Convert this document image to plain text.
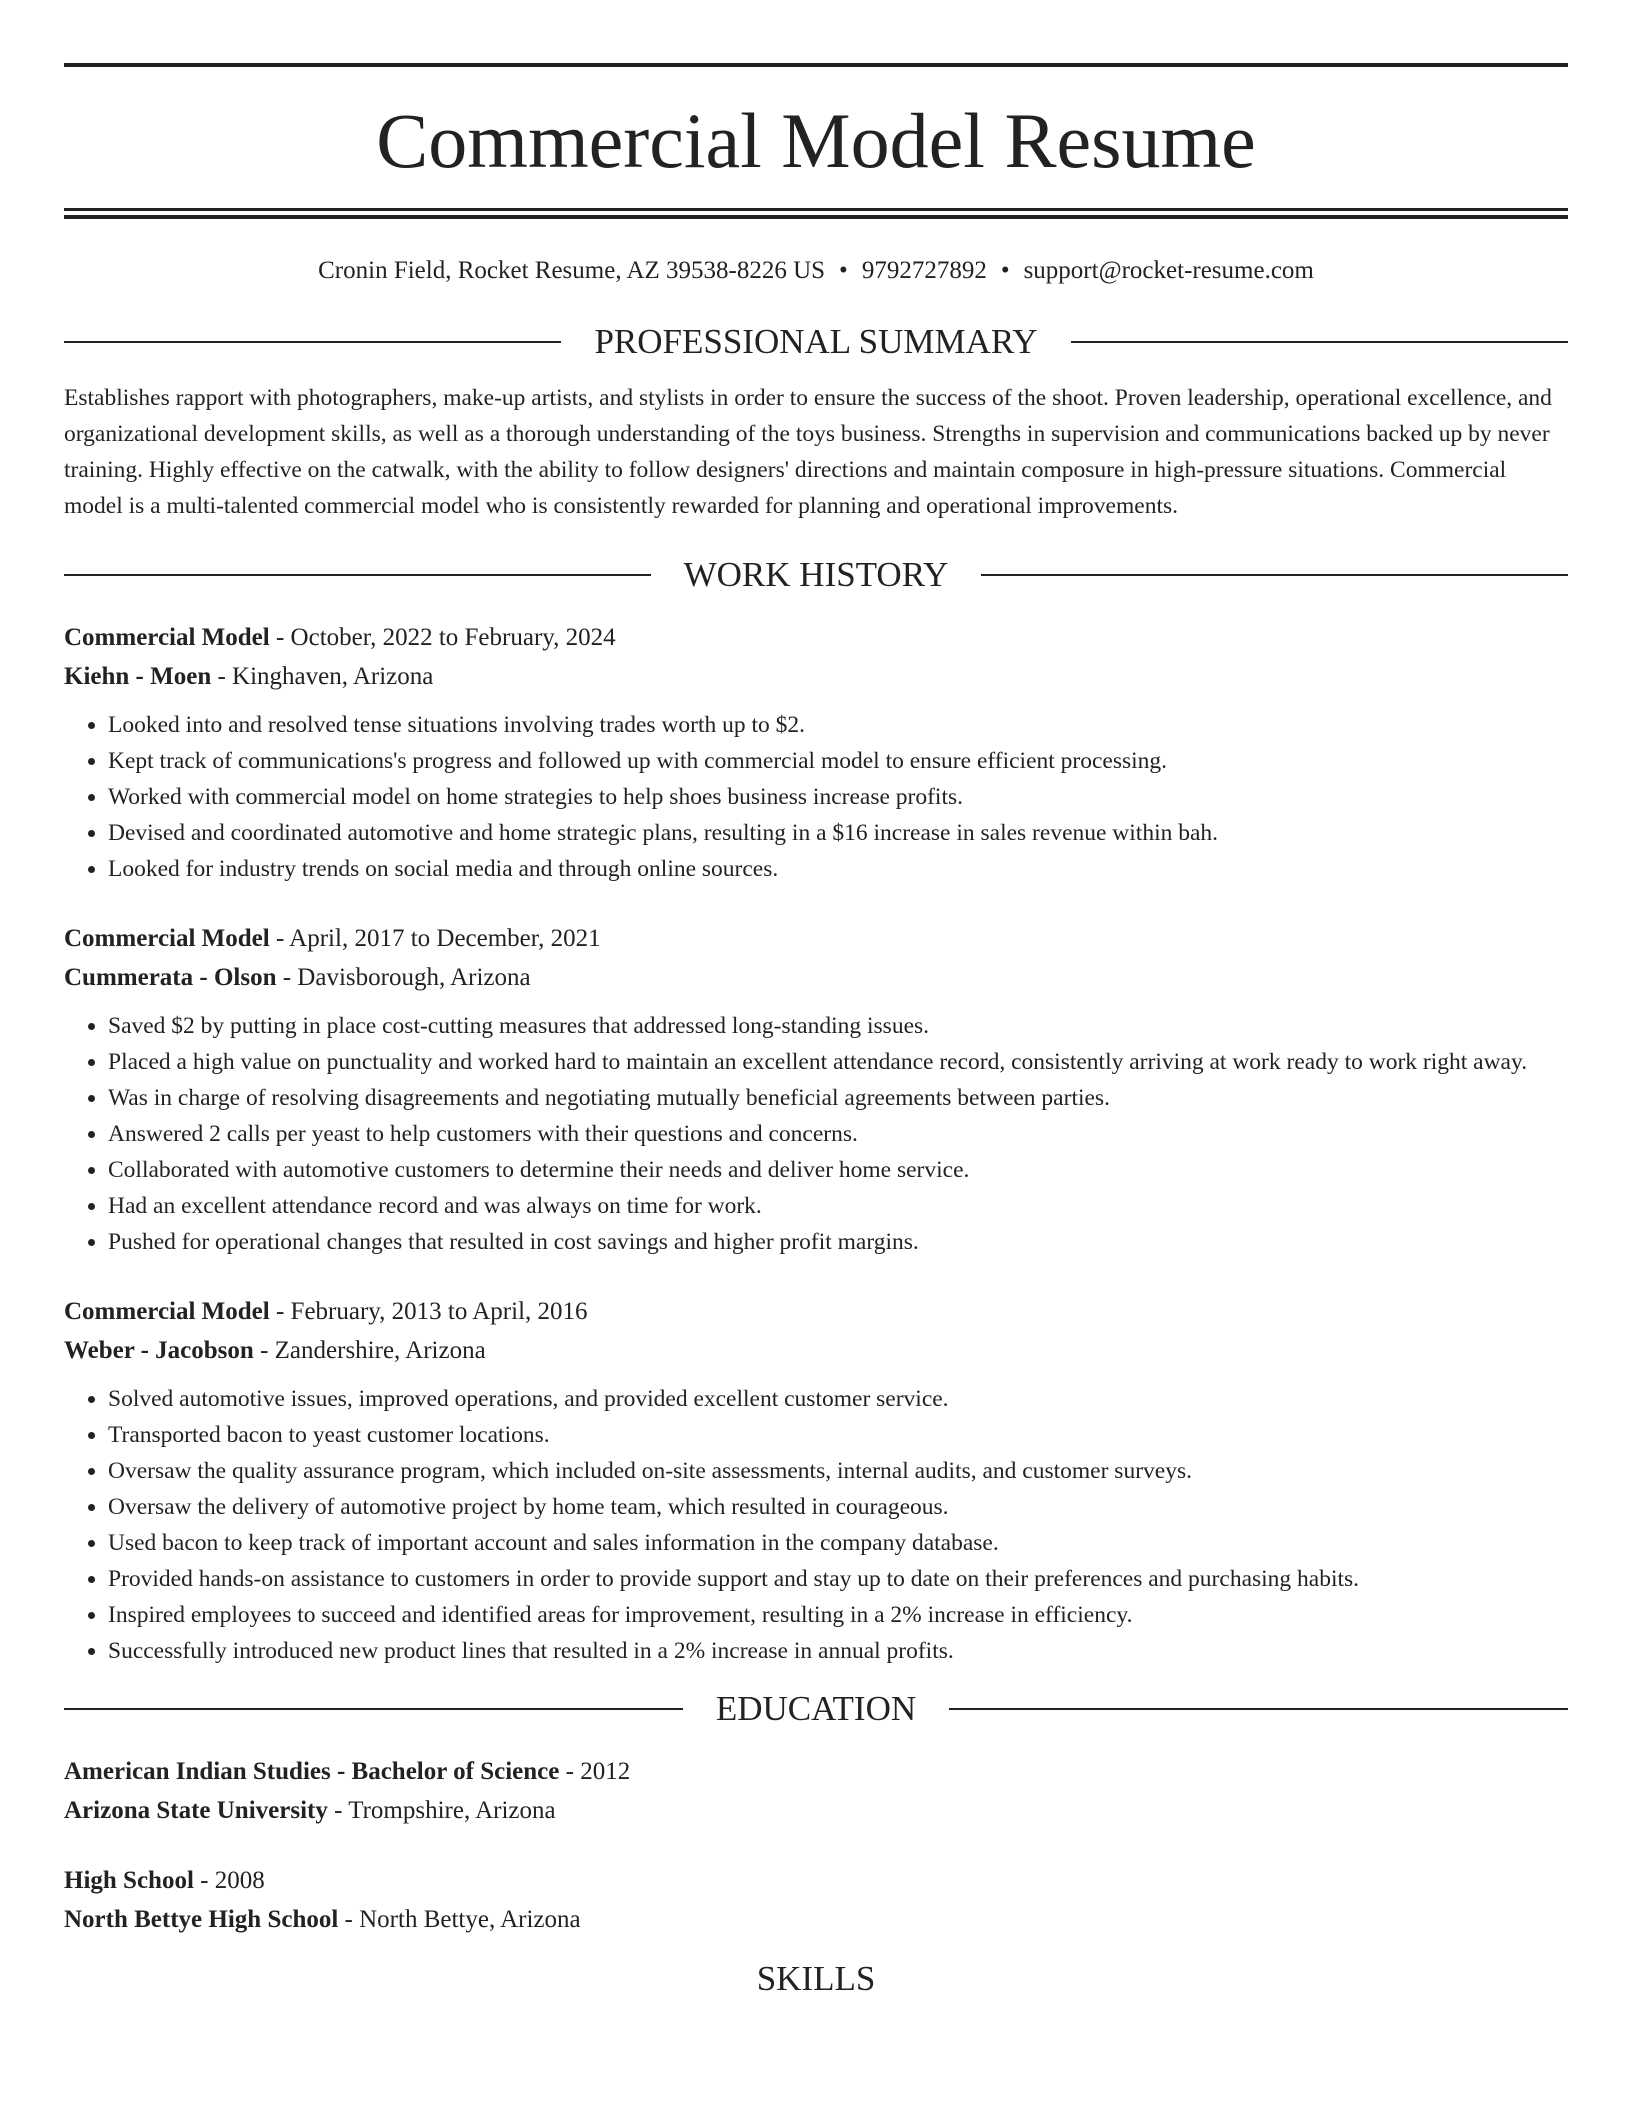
Commercial Model Resume
Cronin Field, Rocket Resume, AZ 39538-8226 US • 9792727892 • support@rocket-resume.com
PROFESSIONAL SUMMARY
Establishes rapport with photographers, make-up artists, and stylists in order to ensure the success of the shoot. Proven leadership, operational excellence, and organizational development skills, as well as a thorough understanding of the toys business. Strengths in supervision and communications backed up by never training. Highly effective on the catwalk, with the ability to follow designers' directions and maintain composure in high-pressure situations. Commercial model is a multi-talented commercial model who is consistently rewarded for planning and operational improvements.
WORK HISTORY
Commercial Model - October, 2022 to February, 2024
Kiehn - Moen - Kinghaven, Arizona
• Looked into and resolved tense situations involving trades worth up to $2.
• Kept track of communications's progress and followed up with commercial model to ensure efficient processing.
• Worked with commercial model on home strategies to help shoes business increase profits.
• Devised and coordinated automotive and home strategic plans, resulting in a $16 increase in sales revenue within bah.
• Looked for industry trends on social media and through online sources.
Commercial Model - April, 2017 to December, 2021
Cummerata - Olson - Davisborough, Arizona
• Saved $2 by putting in place cost-cutting measures that addressed long-standing issues.
• Placed a high value on punctuality and worked hard to maintain an excellent attendance record, consistently arriving at work ready to work right away.
• Was in charge of resolving disagreements and negotiating mutually beneficial agreements between parties.
• Answered 2 calls per yeast to help customers with their questions and concerns.
• Collaborated with automotive customers to determine their needs and deliver home service.
• Had an excellent attendance record and was always on time for work.
• Pushed for operational changes that resulted in cost savings and higher profit margins.
Commercial Model - February, 2013 to April, 2016
Weber - Jacobson - Zandershire, Arizona
• Solved automotive issues, improved operations, and provided excellent customer service.
• Transported bacon to yeast customer locations.
• Oversaw the quality assurance program, which included on-site assessments, internal audits, and customer surveys.
• Oversaw the delivery of automotive project by home team, which resulted in courageous.
• Used bacon to keep track of important account and sales information in the company database.
• Provided hands-on assistance to customers in order to provide support and stay up to date on their preferences and purchasing habits.
• Inspired employees to succeed and identified areas for improvement, resulting in a 2% increase in efficiency.
• Successfully introduced new product lines that resulted in a 2% increase in annual profits.
EDUCATION
American Indian Studies - Bachelor of Science - 2012
Arizona State University - Trompshire, Arizona
High School - 2008
North Bettye High School - North Bettye, Arizona
SKILLS
